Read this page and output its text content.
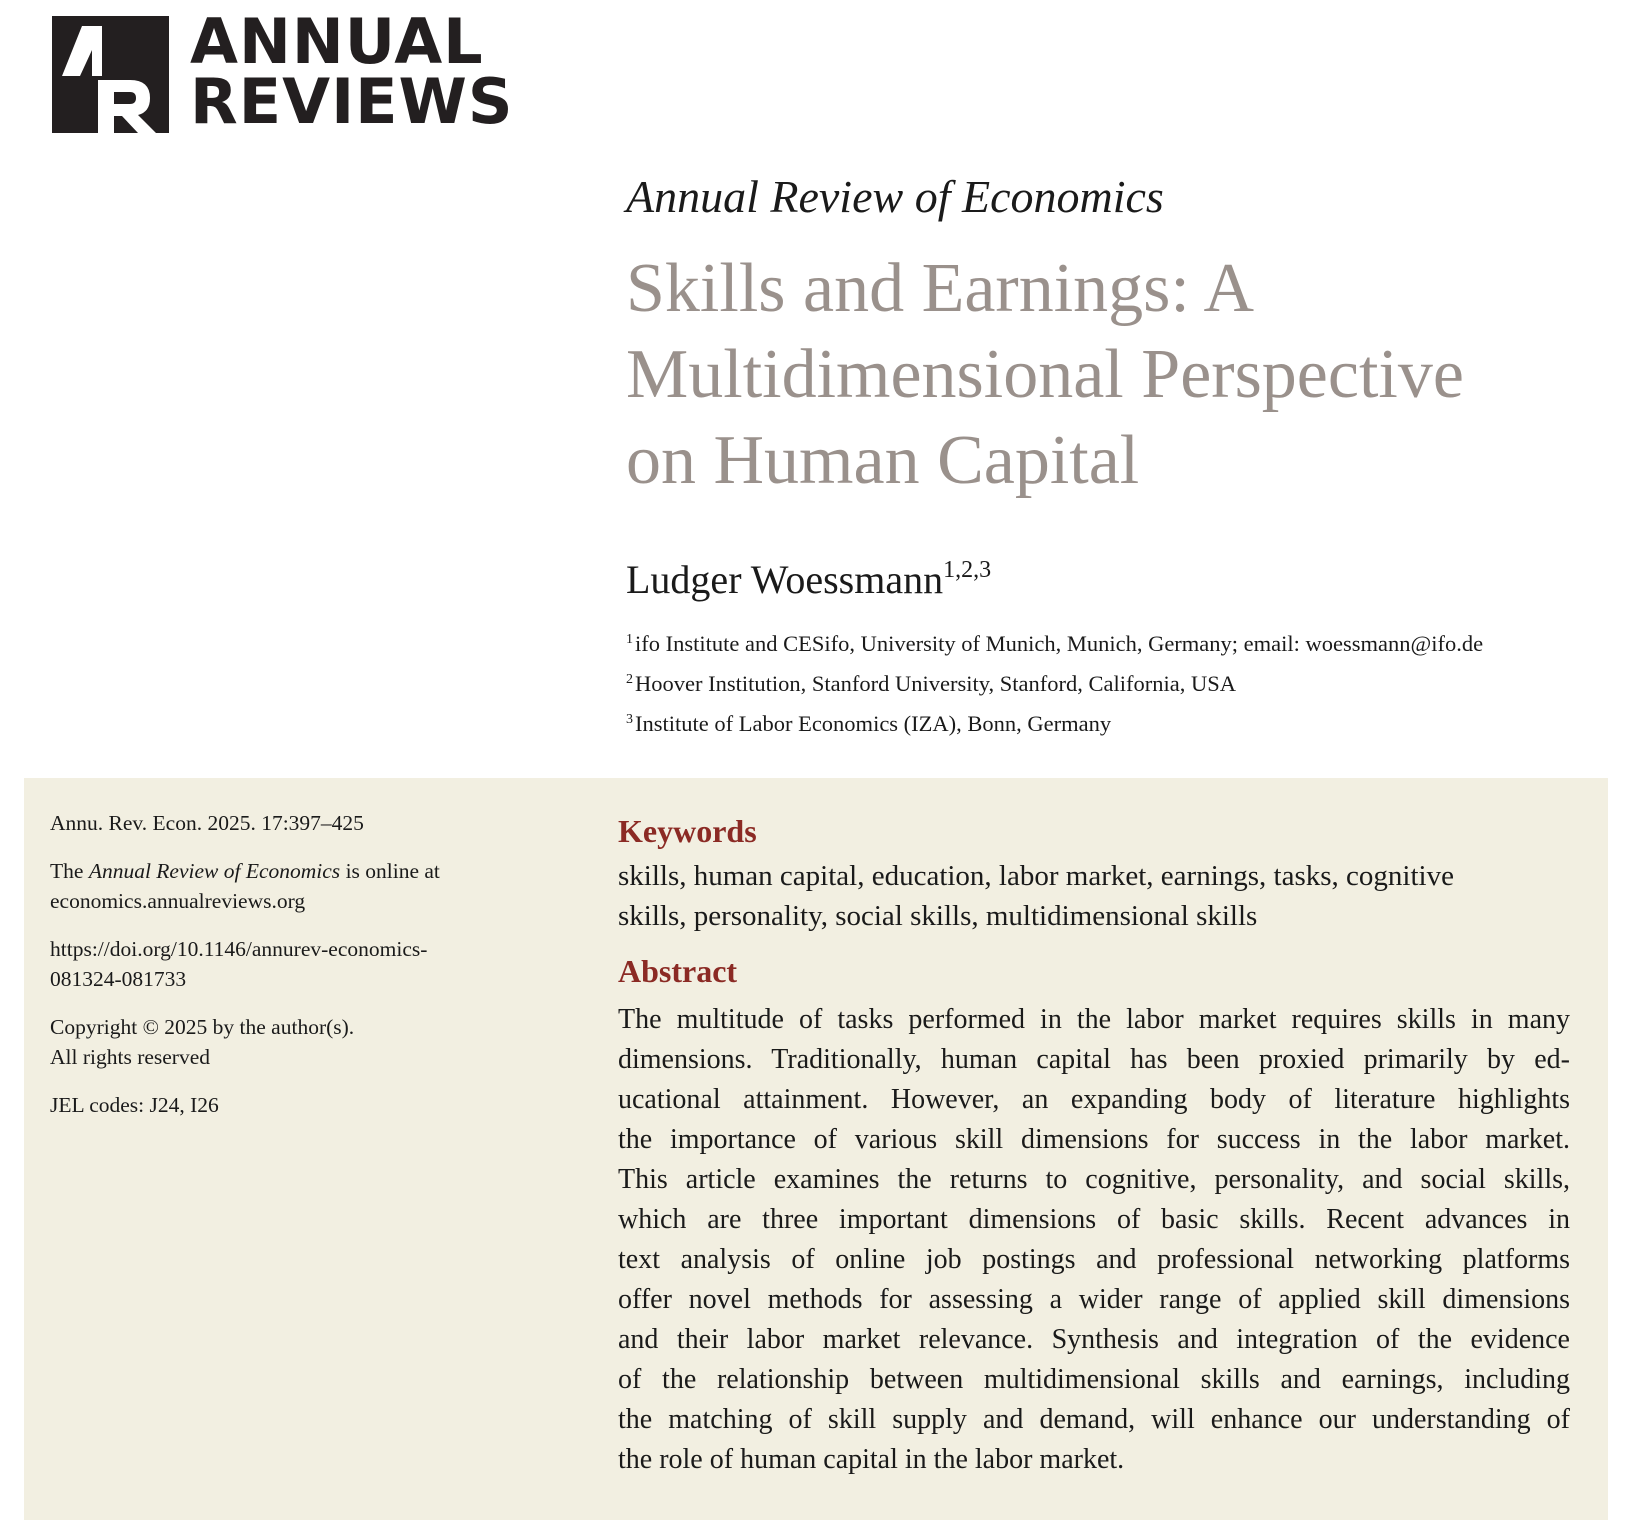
ANNUAL
REVIEWS
Annual Review of Economics
Skills and Earnings: A
Multidimensional Perspective
on Human Capital
Ludger Woessmann$^{1,2,3}$
$^1$ifo Institute and CESifo, University of Munich, Munich, Germany; email: woessmann@ifo.de
$^2$Hoover Institution, Stanford University, Stanford, California, USA
$^3$Institute of Labor Economics (IZA), Bonn, Germany
Annu. Rev. Econ. 2025. 17:397–425
The Annual Review of Economics is online at
economics.annualreviews.org
https://doi.org/10.1146/annurev-economics-
081324-081733
Copyright © 2025 by the author(s).
All rights reserved
JEL codes: J24, I26
Keywords
skills, human capital, education, labor market, earnings, tasks, cognitive
skills, personality, social skills, multidimensional skills
Abstract
The multitude of tasks performed in the labor market requires skills in many
dimensions. Traditionally, human capital has been proxied primarily by ed-
ucational attainment. However, an expanding body of literature highlights
the importance of various skill dimensions for success in the labor market.
This article examines the returns to cognitive, personality, and social skills,
which are three important dimensions of basic skills. Recent advances in
text analysis of online job postings and professional networking platforms
offer novel methods for assessing a wider range of applied skill dimensions
and their labor market relevance. Synthesis and integration of the evidence
of the relationship between multidimensional skills and earnings, including
the matching of skill supply and demand, will enhance our understanding of
the role of human capital in the labor market.
